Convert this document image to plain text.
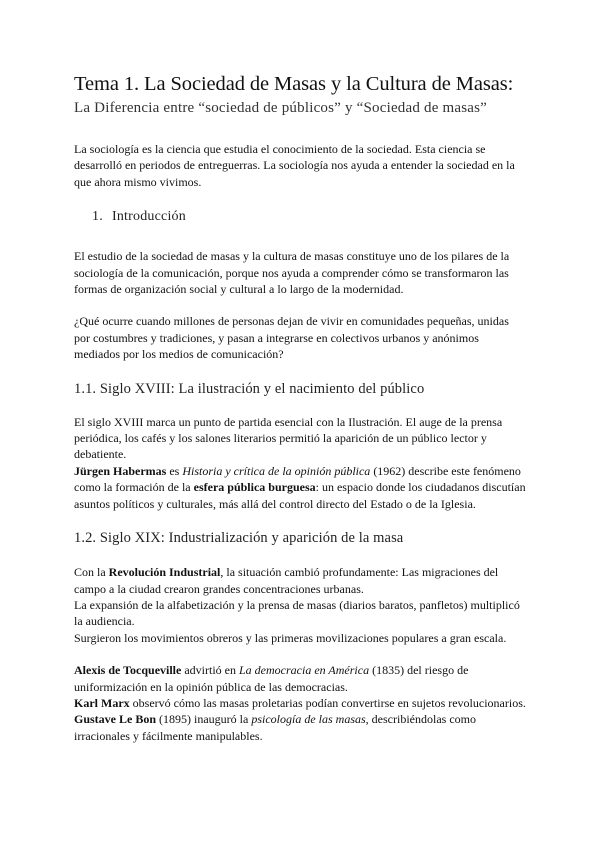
Tema 1. La Sociedad de Masas y la Cultura de Masas:
La Diferencia entre “sociedad de públicos” y “Sociedad de masas”

La sociología es la ciencia que estudia el conocimiento de la sociedad. Esta ciencia se desarrolló en periodos de entreguerras. La sociología nos ayuda a entender la sociedad en la que ahora mismo vivimos.

1. Introducción

El estudio de la sociedad de masas y la cultura de masas constituye uno de los pilares de la sociología de la comunicación, porque nos ayuda a comprender cómo se transformaron las formas de organización social y cultural a lo largo de la modernidad.

¿Qué ocurre cuando millones de personas dejan de vivir en comunidades pequeñas, unidas por costumbres y tradiciones, y pasan a integrarse en colectivos urbanos y anónimos mediados por los medios de comunicación?

1.1. Siglo XVIII: La ilustración y el nacimiento del público

El siglo XVIII marca un punto de partida esencial con la Ilustración. El auge de la prensa periódica, los cafés y los salones literarios permitió la aparición de un público lector y debatiente.

Jürgen Habermas es Historia y crítica de la opinión pública (1962) describe este fenómeno como la formación de la esfera pública burguesa: un espacio donde los ciudadanos discutían asuntos políticos y culturales, más allá del control directo del Estado o de la Iglesia.

1.2. Siglo XIX: Industrialización y aparición de la masa

Con la Revolución Industrial, la situación cambió profundamente: Las migraciones del campo a la ciudad crearon grandes concentraciones urbanas.

La expansión de la alfabetización y la prensa de masas (diarios baratos, panfletos) multiplicó la audiencia.

Surgieron los movimientos obreros y las primeras movilizaciones populares a gran escala.

Alexis de Tocqueville advirtió en La democracia en América (1835) del riesgo de uniformización en la opinión pública de las democracias.

Karl Marx observó cómo las masas proletarias podían convertirse en sujetos revolucionarios.

Gustave Le Bon (1895) inauguró la psicología de las masas, describiéndolas como irracionales y fácilmente manipulables.
